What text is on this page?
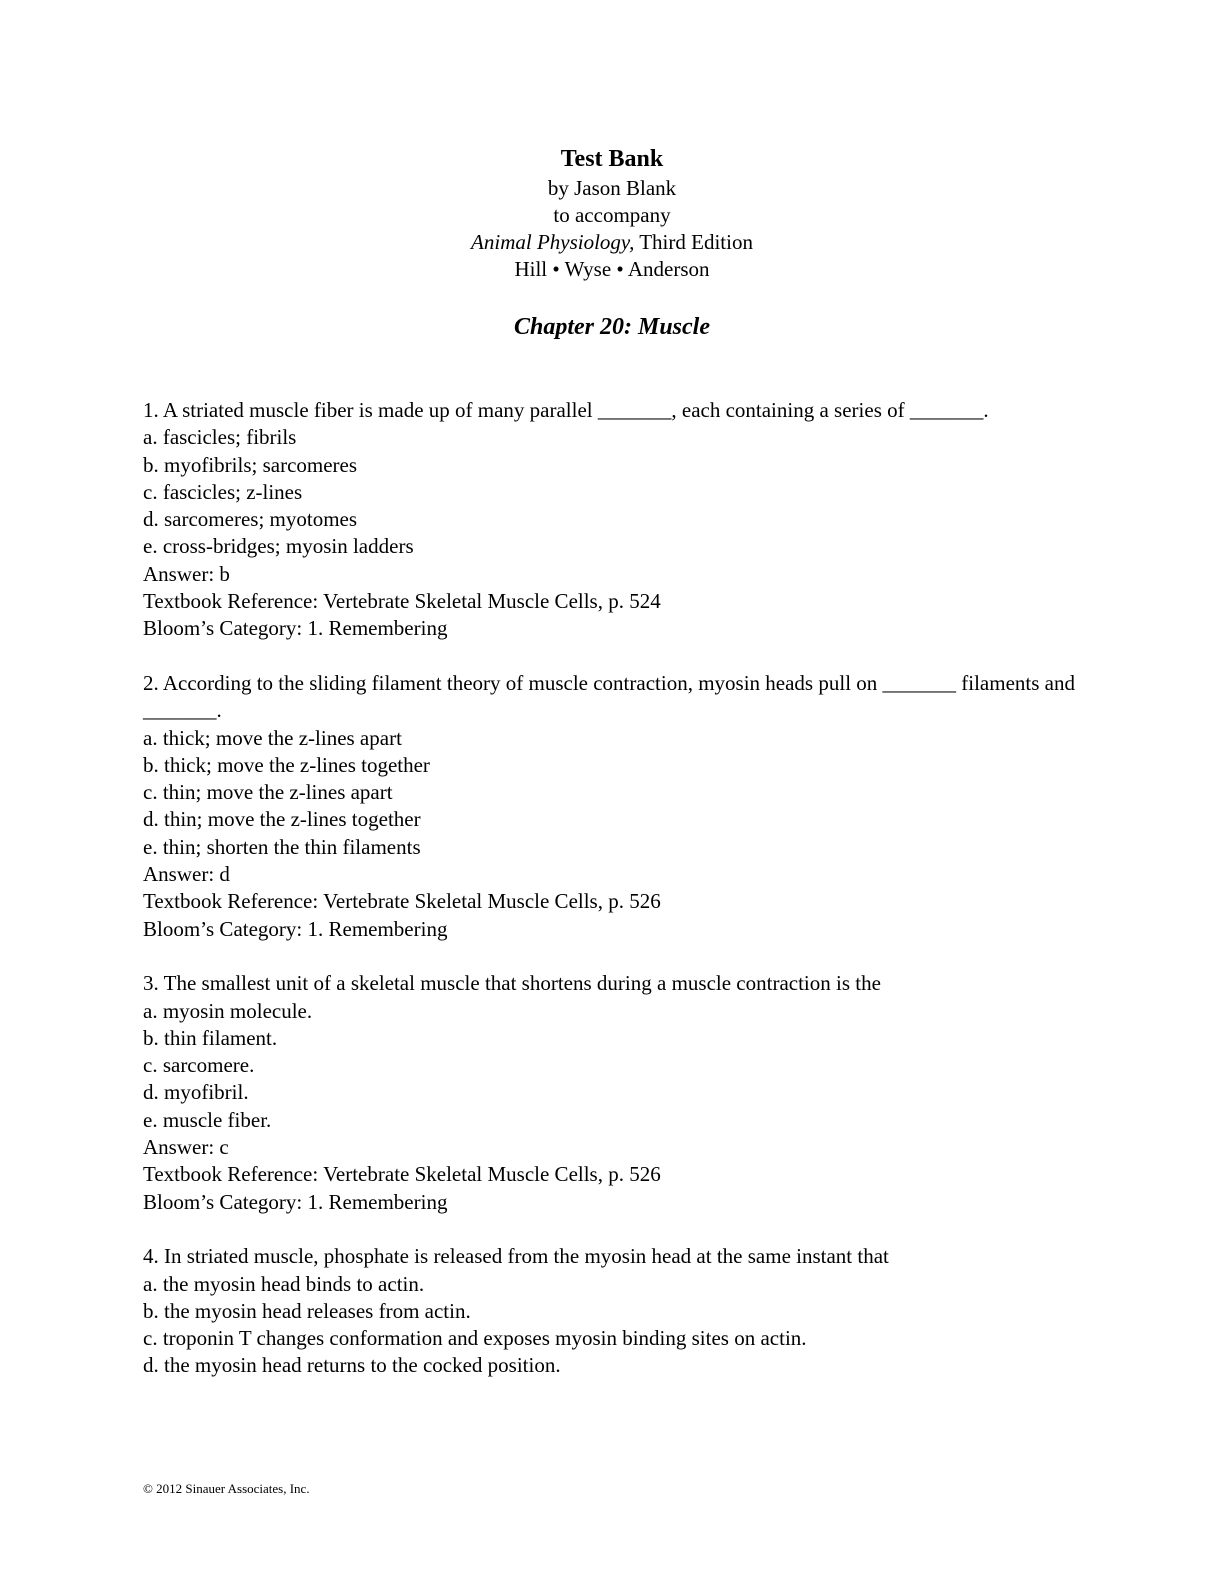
Test Bank
by Jason Blank
to accompany
Animal Physiology, Third Edition
Hill • Wyse • Anderson
Chapter 20: Muscle
1. A striated muscle fiber is made up of many parallel _______, each containing a series of _______.
a. fascicles; fibrils
b. myofibrils; sarcomeres
c. fascicles; z-lines
d. sarcomeres; myotomes
e. cross-bridges; myosin ladders
Answer: b
Textbook Reference: Vertebrate Skeletal Muscle Cells, p. 524
Bloom’s Category: 1. Remembering
2. According to the sliding filament theory of muscle contraction, myosin heads pull on _______ filaments and _______.
a. thick; move the z-lines apart
b. thick; move the z-lines together
c. thin; move the z-lines apart
d. thin; move the z-lines together
e. thin; shorten the thin filaments
Answer: d
Textbook Reference: Vertebrate Skeletal Muscle Cells, p. 526
Bloom’s Category: 1. Remembering
3. The smallest unit of a skeletal muscle that shortens during a muscle contraction is the
a. myosin molecule.
b. thin filament.
c. sarcomere.
d. myofibril.
e. muscle fiber.
Answer: c
Textbook Reference: Vertebrate Skeletal Muscle Cells, p. 526
Bloom’s Category: 1. Remembering
4. In striated muscle, phosphate is released from the myosin head at the same instant that
a. the myosin head binds to actin.
b. the myosin head releases from actin.
c. troponin T changes conformation and exposes myosin binding sites on actin.
d. the myosin head returns to the cocked position.
© 2012 Sinauer Associates, Inc.
